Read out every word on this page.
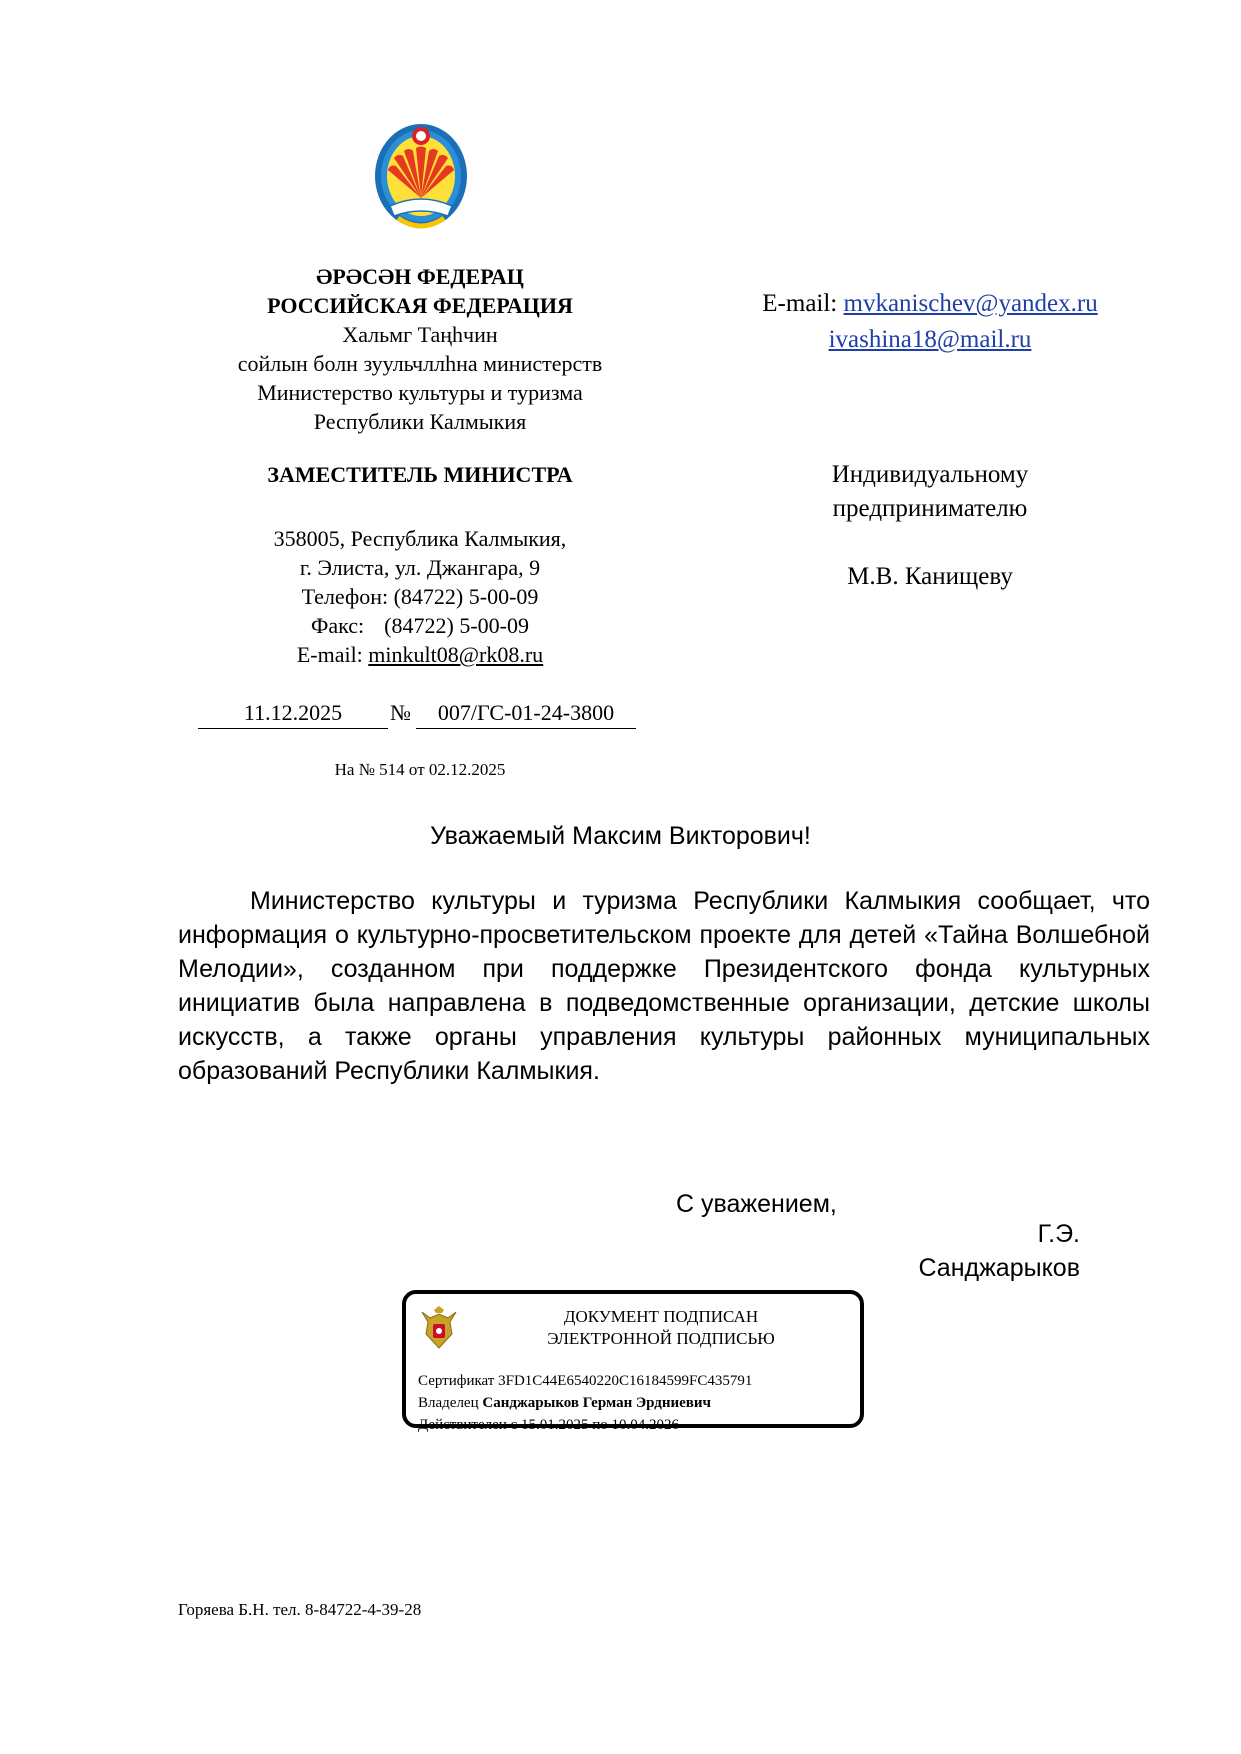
ӘРӘСӘН ФЕДЕРАЦ
РОССИЙСКАЯ ФЕДЕРАЦИЯ
Хальмг Таңһчин
сойлын болн зуульчллһна министерств
Министерство культуры и туризма
Республики Калмыкия
ЗАМЕСТИТЕЛЬ МИНИСТРА
358005, Республика Калмыкия,
г. Элиста, ул. Джангара, 9
Телефон: (84722) 5-00-09
Факс: (84722) 5-00-09
E-mail: minkult08@rk08.ru
11.12.2025	№	007/ГС-01-24-3800
На № 514 от 02.12.2025
E-mail: mvkanischev@yandex.ru
ivashina18@mail.ru
Индивидуальному
предпринимателю
М.В. Канищеву
Уважаемый Максим Викторович!

Министерство культуры и туризма Республики Калмыкия сообщает, что информация о культурно-просветительском проекте для детей «Тайна Волшебной Мелодии», созданном при поддержке Президентского фонда культурных инициатив была направлена в подведомственные организации, детские школы искусств, а также органы управления культуры районных муниципальных образований Республики Калмыкия.

С уважением,
Г.Э.
Санджарыков
ДОКУМЕНТ ПОДПИСАН
ЭЛЕКТРОННОЙ ПОДПИСЬЮ
Сертификат 3FD1C44E6540220C16184599FC435791
Владелец Санджарыков Герман Эрдниевич
Действителен с 15.01.2025 по 10.04.2026
Горяева Б.Н. тел. 8-84722-4-39-28
